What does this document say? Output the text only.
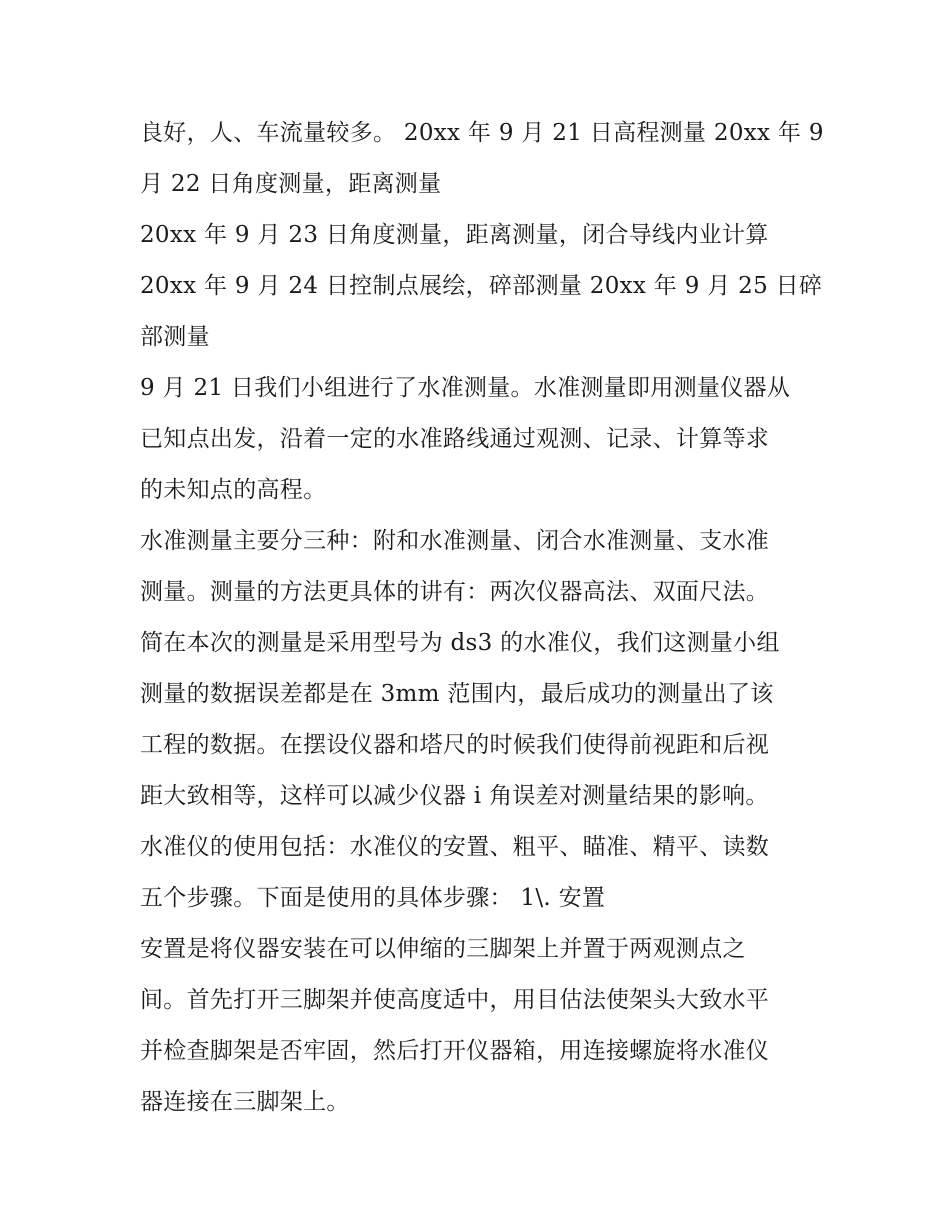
良好，人、车流量较多。 20xx 年 9 月 21 日高程测量 20xx 年 9
月 22 日角度测量，距离测量
20xx 年 9 月 23 日角度测量，距离测量，闭合导线内业计算
20xx 年 9 月 24 日控制点展绘，碎部测量 20xx 年 9 月 25 日碎
部测量
9 月 21 日我们小组进行了水准测量。水准测量即用测量仪器从
已知点出发，沿着一定的水准路线通过观测、记录、计算等求
的未知点的高程。
水准测量主要分三种：附和水准测量、闭合水准测量、支水准
测量。测量的方法更具体的讲有：两次仪器高法、双面尺法。
简在本次的测量是采用型号为 ds3 的水准仪，我们这测量小组
测量的数据误差都是在 3mm 范围内，最后成功的测量出了该
工程的数据。在摆设仪器和塔尺的时候我们使得前视距和后视
距大致相等，这样可以减少仪器 i 角误差对测量结果的影响。
水准仪的使用包括：水准仪的安置、粗平、瞄准、精平、读数
五个步骤。下面是使用的具体步骤： 1\. 安置
安置是将仪器安装在可以伸缩的三脚架上并置于两观测点之
间。首先打开三脚架并使高度适中，用目估法使架头大致水平
并检查脚架是否牢固，然后打开仪器箱，用连接螺旋将水准仪
器连接在三脚架上。
